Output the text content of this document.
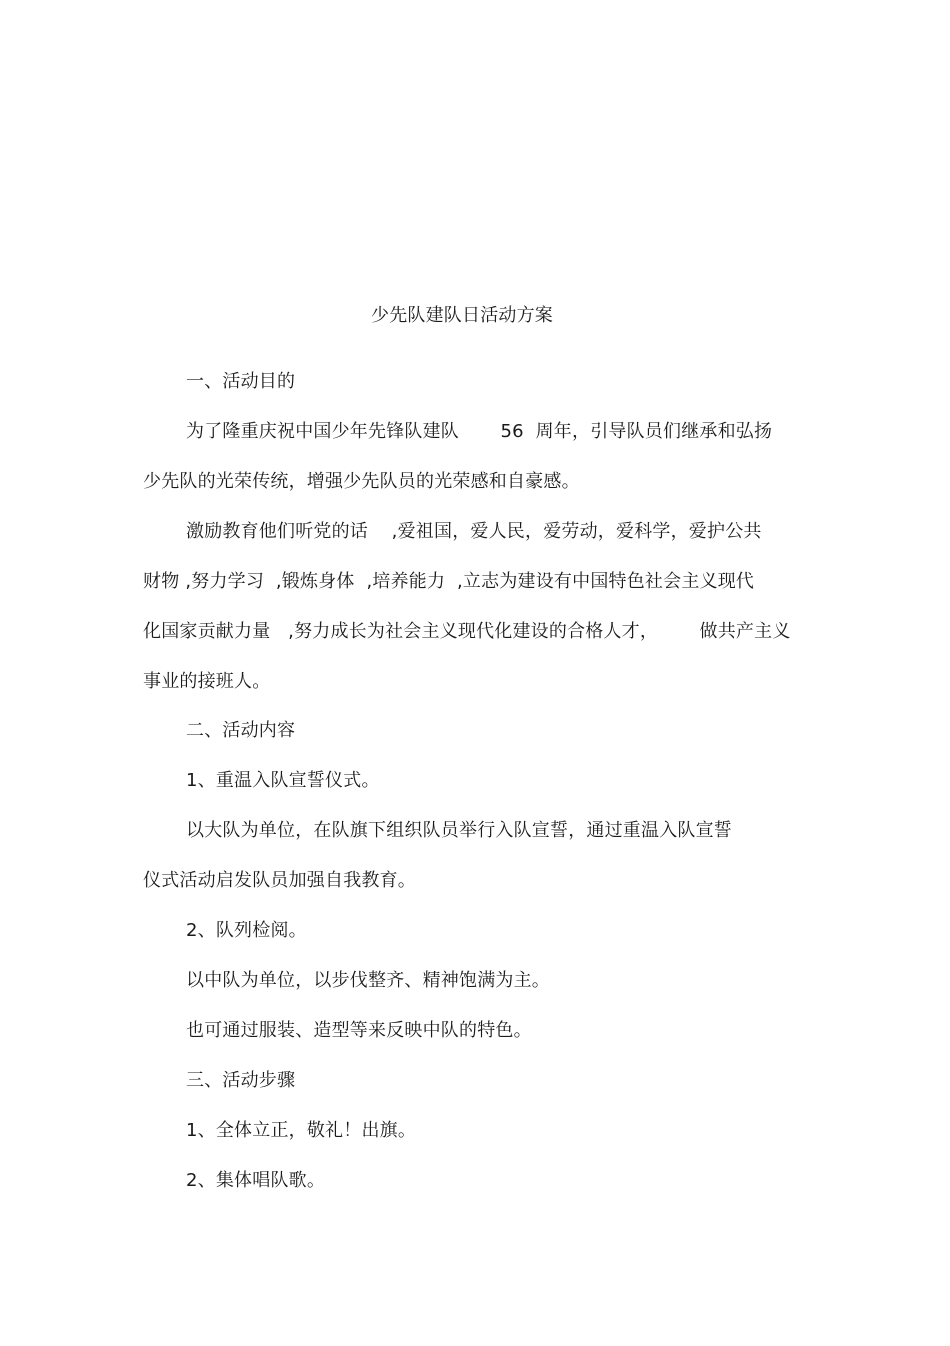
少先队建队日活动方案
一、活动目的
为了隆重庆祝中国少年先锋队建队       56  周年，引导队员们继承和弘扬
少先队的光荣传统，增强少先队员的光荣感和自豪感。
激励教育他们听党的话    ,爱祖国，爱人民，爱劳动，爱科学，爱护公共
财物 ,努力学习  ,锻炼身体  ,培养能力  ,立志为建设有中国特色社会主义现代
化国家贡献力量   ,努力成长为社会主义现代化建设的合格人才，       做共产主义
事业的接班人。
二、活动内容
1、重温入队宣誓仪式。
以大队为单位，在队旗下组织队员举行入队宣誓，通过重温入队宣誓
仪式活动启发队员加强自我教育。
2、队列检阅。
以中队为单位，以步伐整齐、精神饱满为主。
也可通过服装、造型等来反映中队的特色。
三、活动步骤
1、全体立正，敬礼！出旗。
2、集体唱队歌。
